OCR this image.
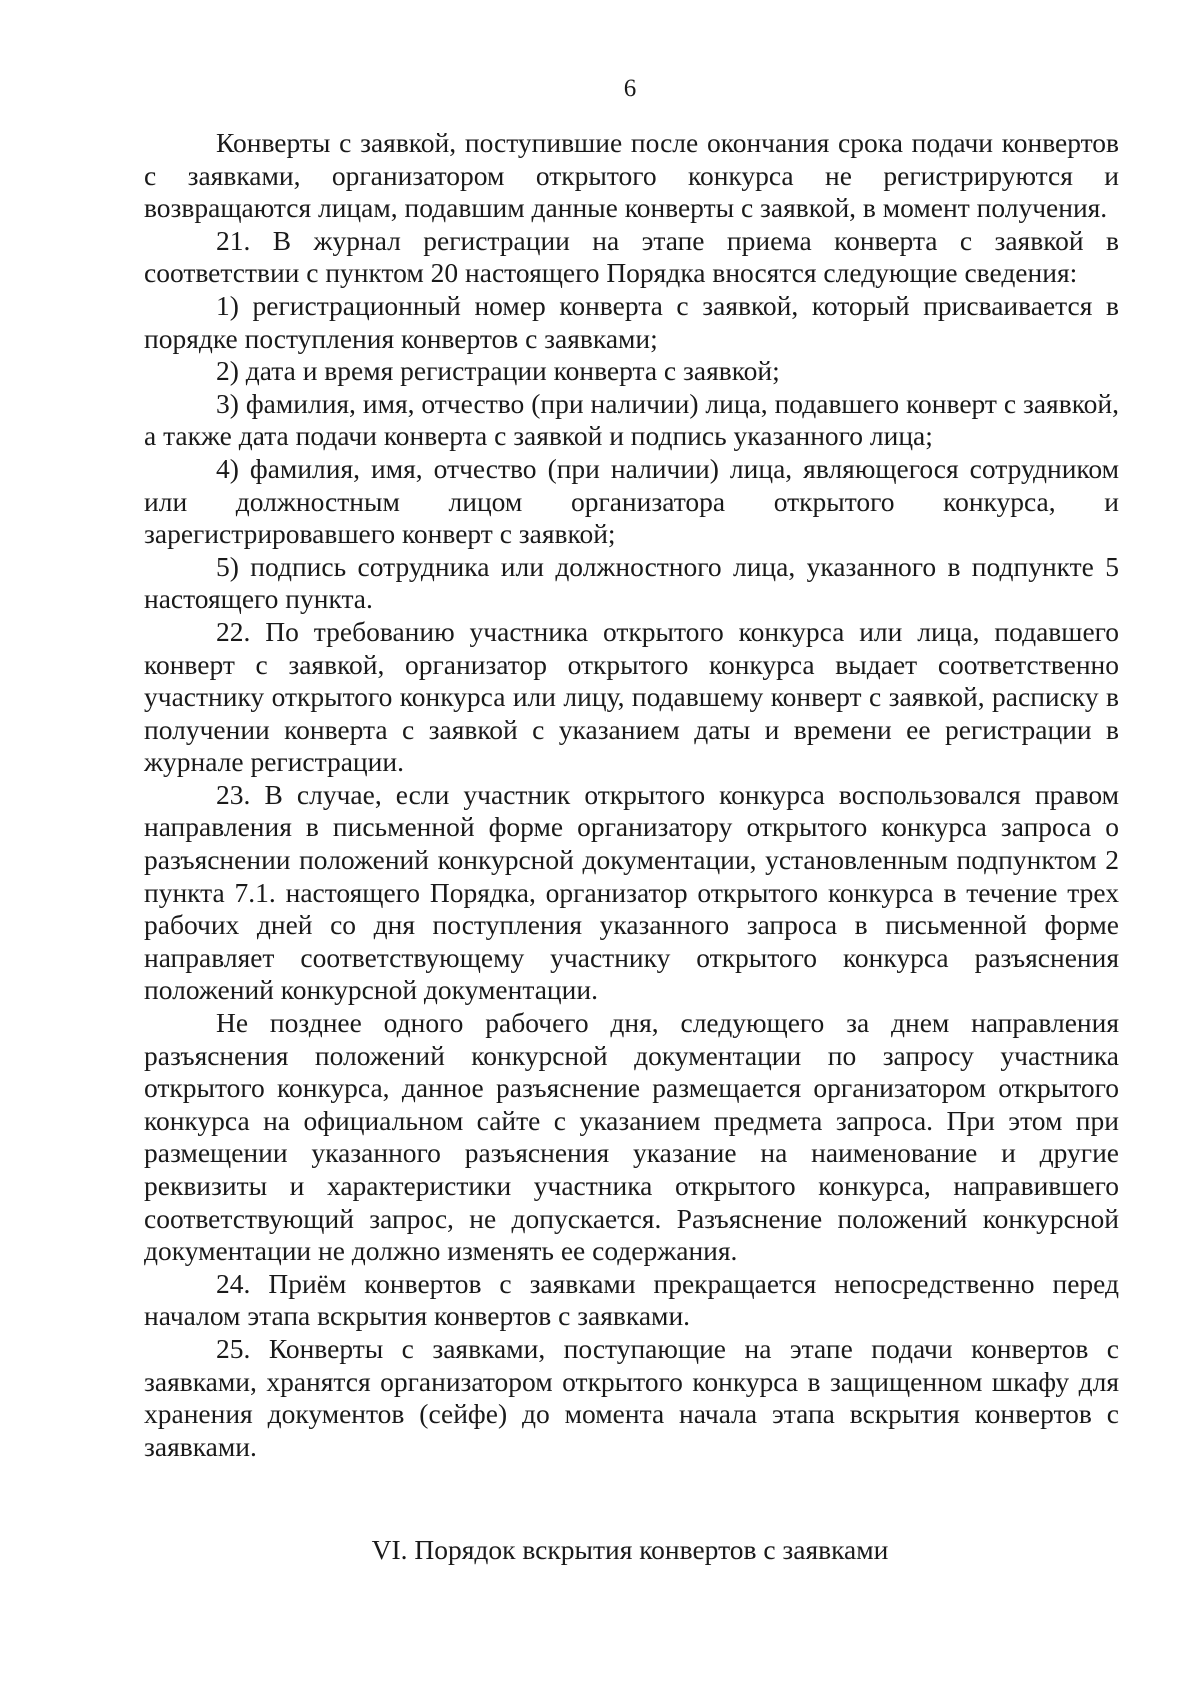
6

Конверты с заявкой, поступившие после окончания срока подачи конвертов с заявками, организатором открытого конкурса не регистрируются и возвращаются лицам, подавшим данные конверты с заявкой, в момент получения.

21. В журнал регистрации на этапе приема конверта с заявкой в соответствии с пунктом 20 настоящего Порядка вносятся следующие сведения:

1) регистрационный номер конверта с заявкой, который присваивается в порядке поступления конвертов с заявками;

2) дата и время регистрации конверта с заявкой;

3) фамилия, имя, отчество (при наличии) лица, подавшего конверт с заявкой, а также дата подачи конверта с заявкой и подпись указанного лица;

4) фамилия, имя, отчество (при наличии) лица, являющегося сотрудником или должностным лицом организатора открытого конкурса, и зарегистрировавшего конверт с заявкой;

5) подпись сотрудника или должностного лица, указанного в подпункте 5 настоящего пункта.

22. По требованию участника открытого конкурса или лица, подавшего конверт с заявкой, организатор открытого конкурса выдает соответственно участнику открытого конкурса или лицу, подавшему конверт с заявкой, расписку в получении конверта с заявкой с указанием даты и времени ее регистрации в журнале регистрации.

23. В случае, если участник открытого конкурса воспользовался правом направления в письменной форме организатору открытого конкурса запроса о разъяснении положений конкурсной документации, установленным подпунктом 2 пункта 7.1. настоящего Порядка, организатор открытого конкурса в течение трех рабочих дней со дня поступления указанного запроса в письменной форме направляет соответствующему участнику открытого конкурса разъяснения положений конкурсной документации.

Не позднее одного рабочего дня, следующего за днем направления разъяснения положений конкурсной документации по запросу участника открытого конкурса, данное разъяснение размещается организатором открытого конкурса на официальном сайте с указанием предмета запроса. При этом при размещении указанного разъяснения указание на наименование и другие реквизиты и характеристики участника открытого конкурса, направившего соответствующий запрос, не допускается. Разъяснение положений конкурсной документации не должно изменять ее содержания.

24. Приём конвертов с заявками прекращается непосредственно перед началом этапа вскрытия конвертов с заявками.

25. Конверты с заявками, поступающие на этапе подачи конвертов с заявками, хранятся организатором открытого конкурса в защищенном шкафу для хранения документов (сейфе) до момента начала этапа вскрытия конвертов с заявками.

VI. Порядок вскрытия конвертов с заявками
